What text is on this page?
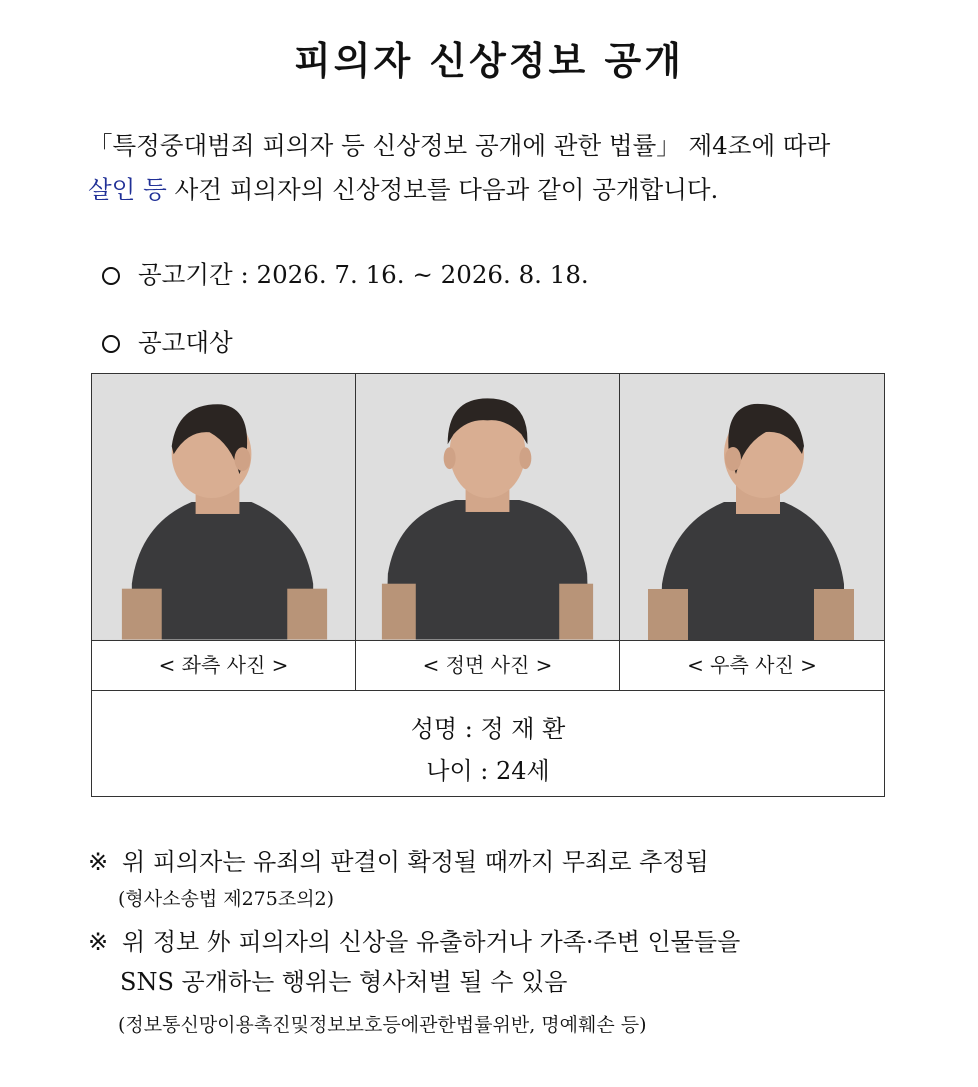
피의자 신상정보 공개
「특정중대범죄 피의자 등 신상정보 공개에 관한 법률」 제4조에 따라
살인 등 사건 피의자의 신상정보를 다음과 같이 공개합니다.
공고기간 : 2026. 7. 16. ~ 2026. 8. 18.
공고대상
< 좌측 사진 >	< 정면 사진 >	< 우측 사진 >
성명 : 정 재 환
나이 : 24세
※ 위 피의자는 유죄의 판결이 확정될 때까지 무죄로 추정됨
(형사소송법 제275조의2)
※ 위 정보 外 피의자의 신상을 유출하거나 가족·주변 인물들을
SNS 공개하는 행위는 형사처벌 될 수 있음
(정보통신망이용촉진및정보보호등에관한법률위반, 명예훼손 등)
